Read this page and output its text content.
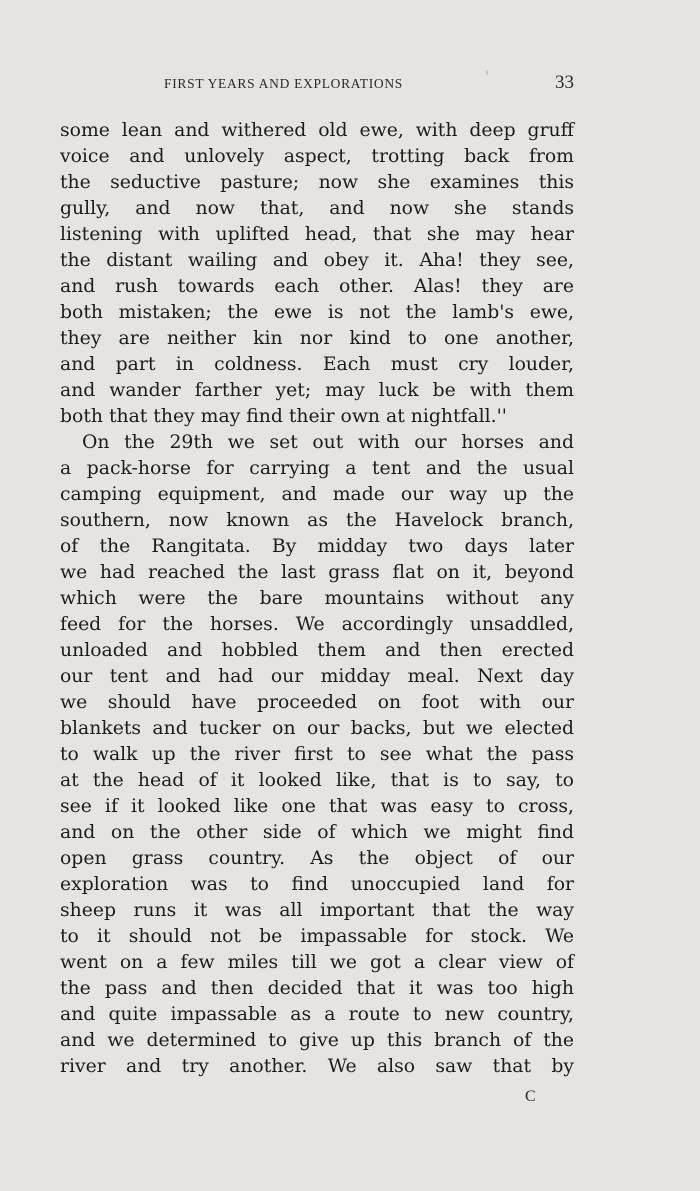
FIRST YEARS AND EXPLORATIONS	33
some lean and withered old ewe, with deep gruff
voice and unlovely aspect, trotting back from
the seductive pasture; now she examines this
gully, and now that, and now she stands
listening with uplifted head, that she may hear
the distant wailing and obey it. Aha! they see,
and rush towards each other. Alas! they are
both mistaken; the ewe is not the lamb's ewe,
they are neither kin nor kind to one another,
and part in coldness. Each must cry louder,
and wander farther yet; may luck be with them
both that they may find their own at nightfall.''
On the 29th we set out with our horses and
a pack-horse for carrying a tent and the usual
camping equipment, and made our way up the
southern, now known as the Havelock branch,
of the Rangitata. By midday two days later
we had reached the last grass flat on it, beyond
which were the bare mountains without any
feed for the horses. We accordingly unsaddled,
unloaded and hobbled them and then erected
our tent and had our midday meal. Next day
we should have proceeded on foot with our
blankets and tucker on our backs, but we elected
to walk up the river first to see what the pass
at the head of it looked like, that is to say, to
see if it looked like one that was easy to cross,
and on the other side of which we might find
open grass country. As the object of our
exploration was to find unoccupied land for
sheep runs it was all important that the way
to it should not be impassable for stock. We
went on a few miles till we got a clear view of
the pass and then decided that it was too high
and quite impassable as a route to new country,
and we determined to give up this branch of the
river and try another. We also saw that by
C
